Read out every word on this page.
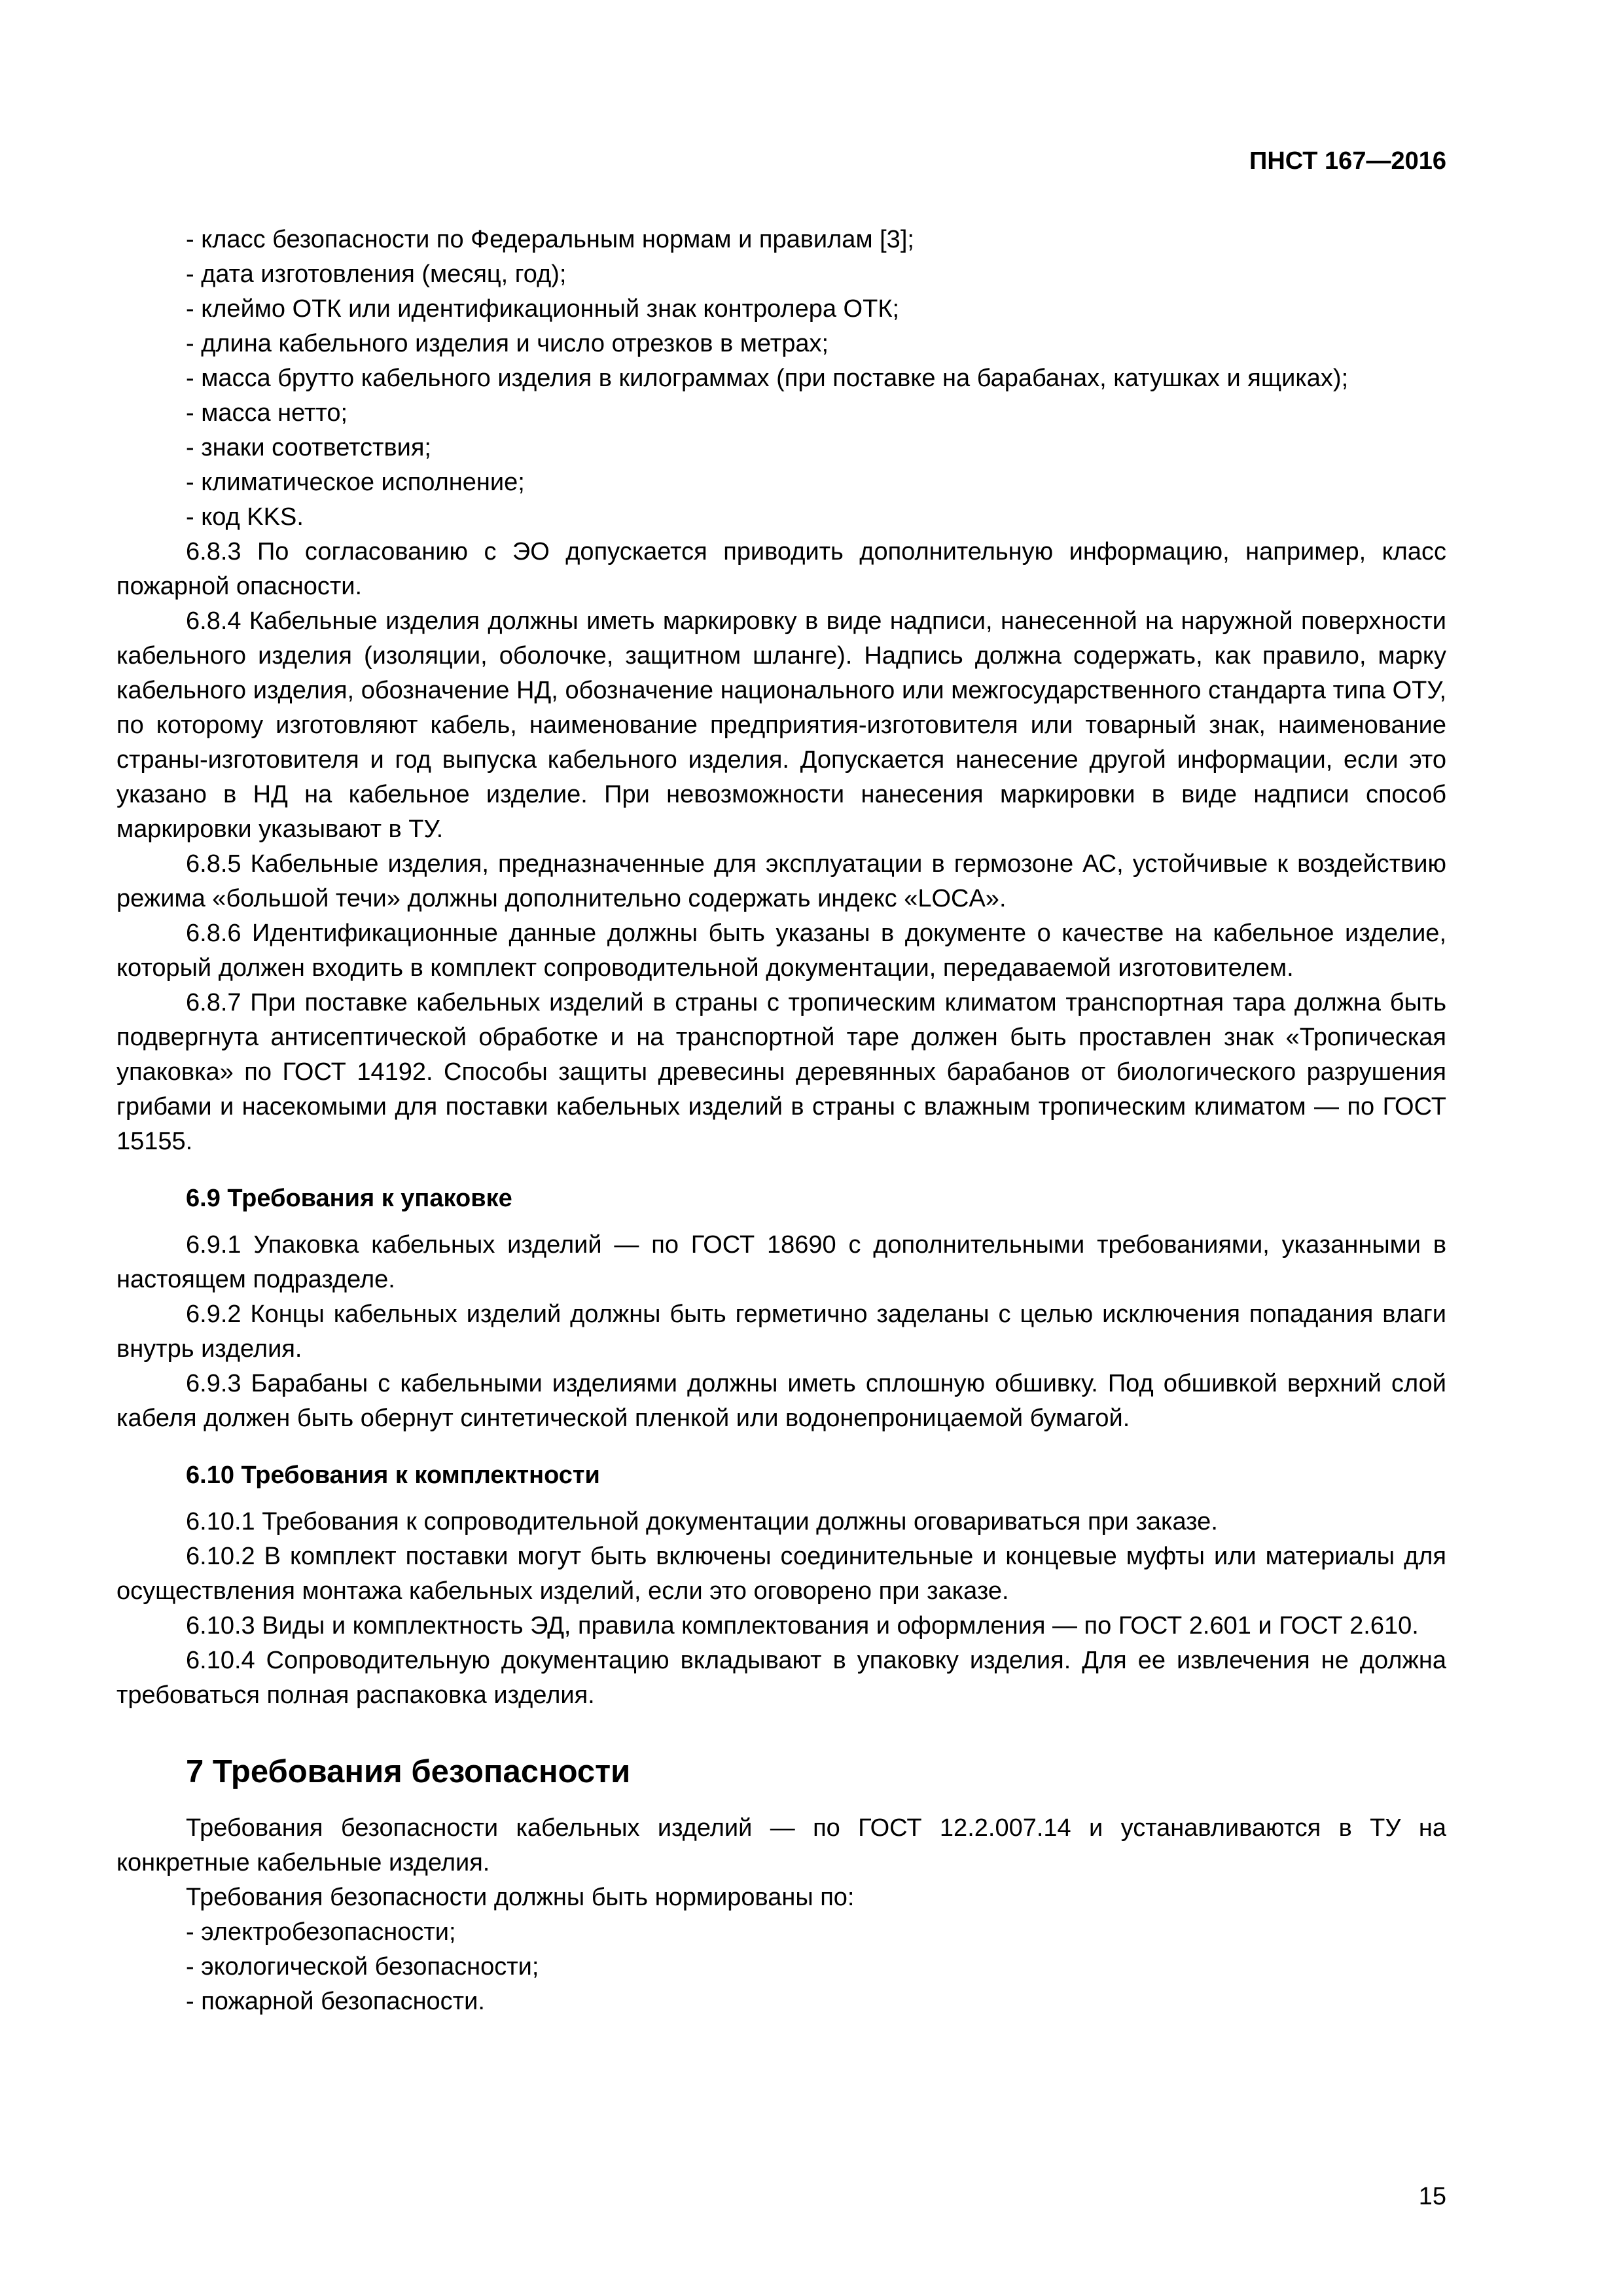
ПНСТ 167—2016

- класс безопасности по Федеральным нормам и правилам [3];

- дата изготовления (месяц, год);

- клеймо ОТК или идентификационный знак контролера ОТК;

- длина кабельного изделия и число отрезков в метрах;

- масса брутто кабельного изделия в килограммах (при поставке на барабанах, катушках и ящиках);

- масса нетто;

- знаки соответствия;

- климатическое исполнение;

- код KKS.

6.8.3 По согласованию с ЭО допускается приводить дополнительную информацию, например, класс пожарной опасности.

6.8.4 Кабельные изделия должны иметь маркировку в виде надписи, нанесенной на наружной поверхности кабельного изделия (изоляции, оболочке, защитном шланге). Надпись должна содержать, как правило, марку кабельного изделия, обозначение НД, обозначение национального или межгосударственного стандарта типа ОТУ, по которому изготовляют кабель, наименование предприятия-изготовителя или товарный знак, наименование страны-изготовителя и год выпуска кабельного изделия. Допускается нанесение другой информации, если это указано в НД на кабельное изделие. При невозможности нанесения маркировки в виде надписи способ маркировки указывают в ТУ.

6.8.5 Кабельные изделия, предназначенные для эксплуатации в гермозоне АС, устойчивые к воздействию режима «большой течи» должны дополнительно содержать индекс «LOCA».

6.8.6 Идентификационные данные должны быть указаны в документе о качестве на кабельное изделие, который должен входить в комплект сопроводительной документации, передаваемой изготовителем.

6.8.7 При поставке кабельных изделий в страны с тропическим климатом транспортная тара должна быть подвергнута антисептической обработке и на транспортной таре должен быть проставлен знак «Тропическая упаковка» по ГОСТ 14192. Способы защиты древесины деревянных барабанов от биологического разрушения грибами и насекомыми для поставки кабельных изделий в страны с влажным тропическим климатом — по ГОСТ 15155.

6.9 Требования к упаковке

6.9.1 Упаковка кабельных изделий — по ГОСТ 18690 с дополнительными требованиями, указанными в настоящем подразделе.

6.9.2 Концы кабельных изделий должны быть герметично заделаны с целью исключения попадания влаги внутрь изделия.

6.9.3 Барабаны с кабельными изделиями должны иметь сплошную обшивку. Под обшивкой верхний слой кабеля должен быть обернут синтетической пленкой или водонепроницаемой бумагой.

6.10 Требования к комплектности

6.10.1 Требования к сопроводительной документации должны оговариваться при заказе.

6.10.2 В комплект поставки могут быть включены соединительные и концевые муфты или материалы для осуществления монтажа кабельных изделий, если это оговорено при заказе.

6.10.3 Виды и комплектность ЭД, правила комплектования и оформления — по ГОСТ 2.601 и ГОСТ 2.610.

6.10.4 Сопроводительную документацию вкладывают в упаковку изделия. Для ее извлечения не должна требоваться полная распаковка изделия.

7 Требования безопасности

Требования безопасности кабельных изделий — по ГОСТ 12.2.007.14 и устанавливаются в ТУ на конкретные кабельные изделия.

Требования безопасности должны быть нормированы по:

- электробезопасности;

- экологической безопасности;

- пожарной безопасности.

15
